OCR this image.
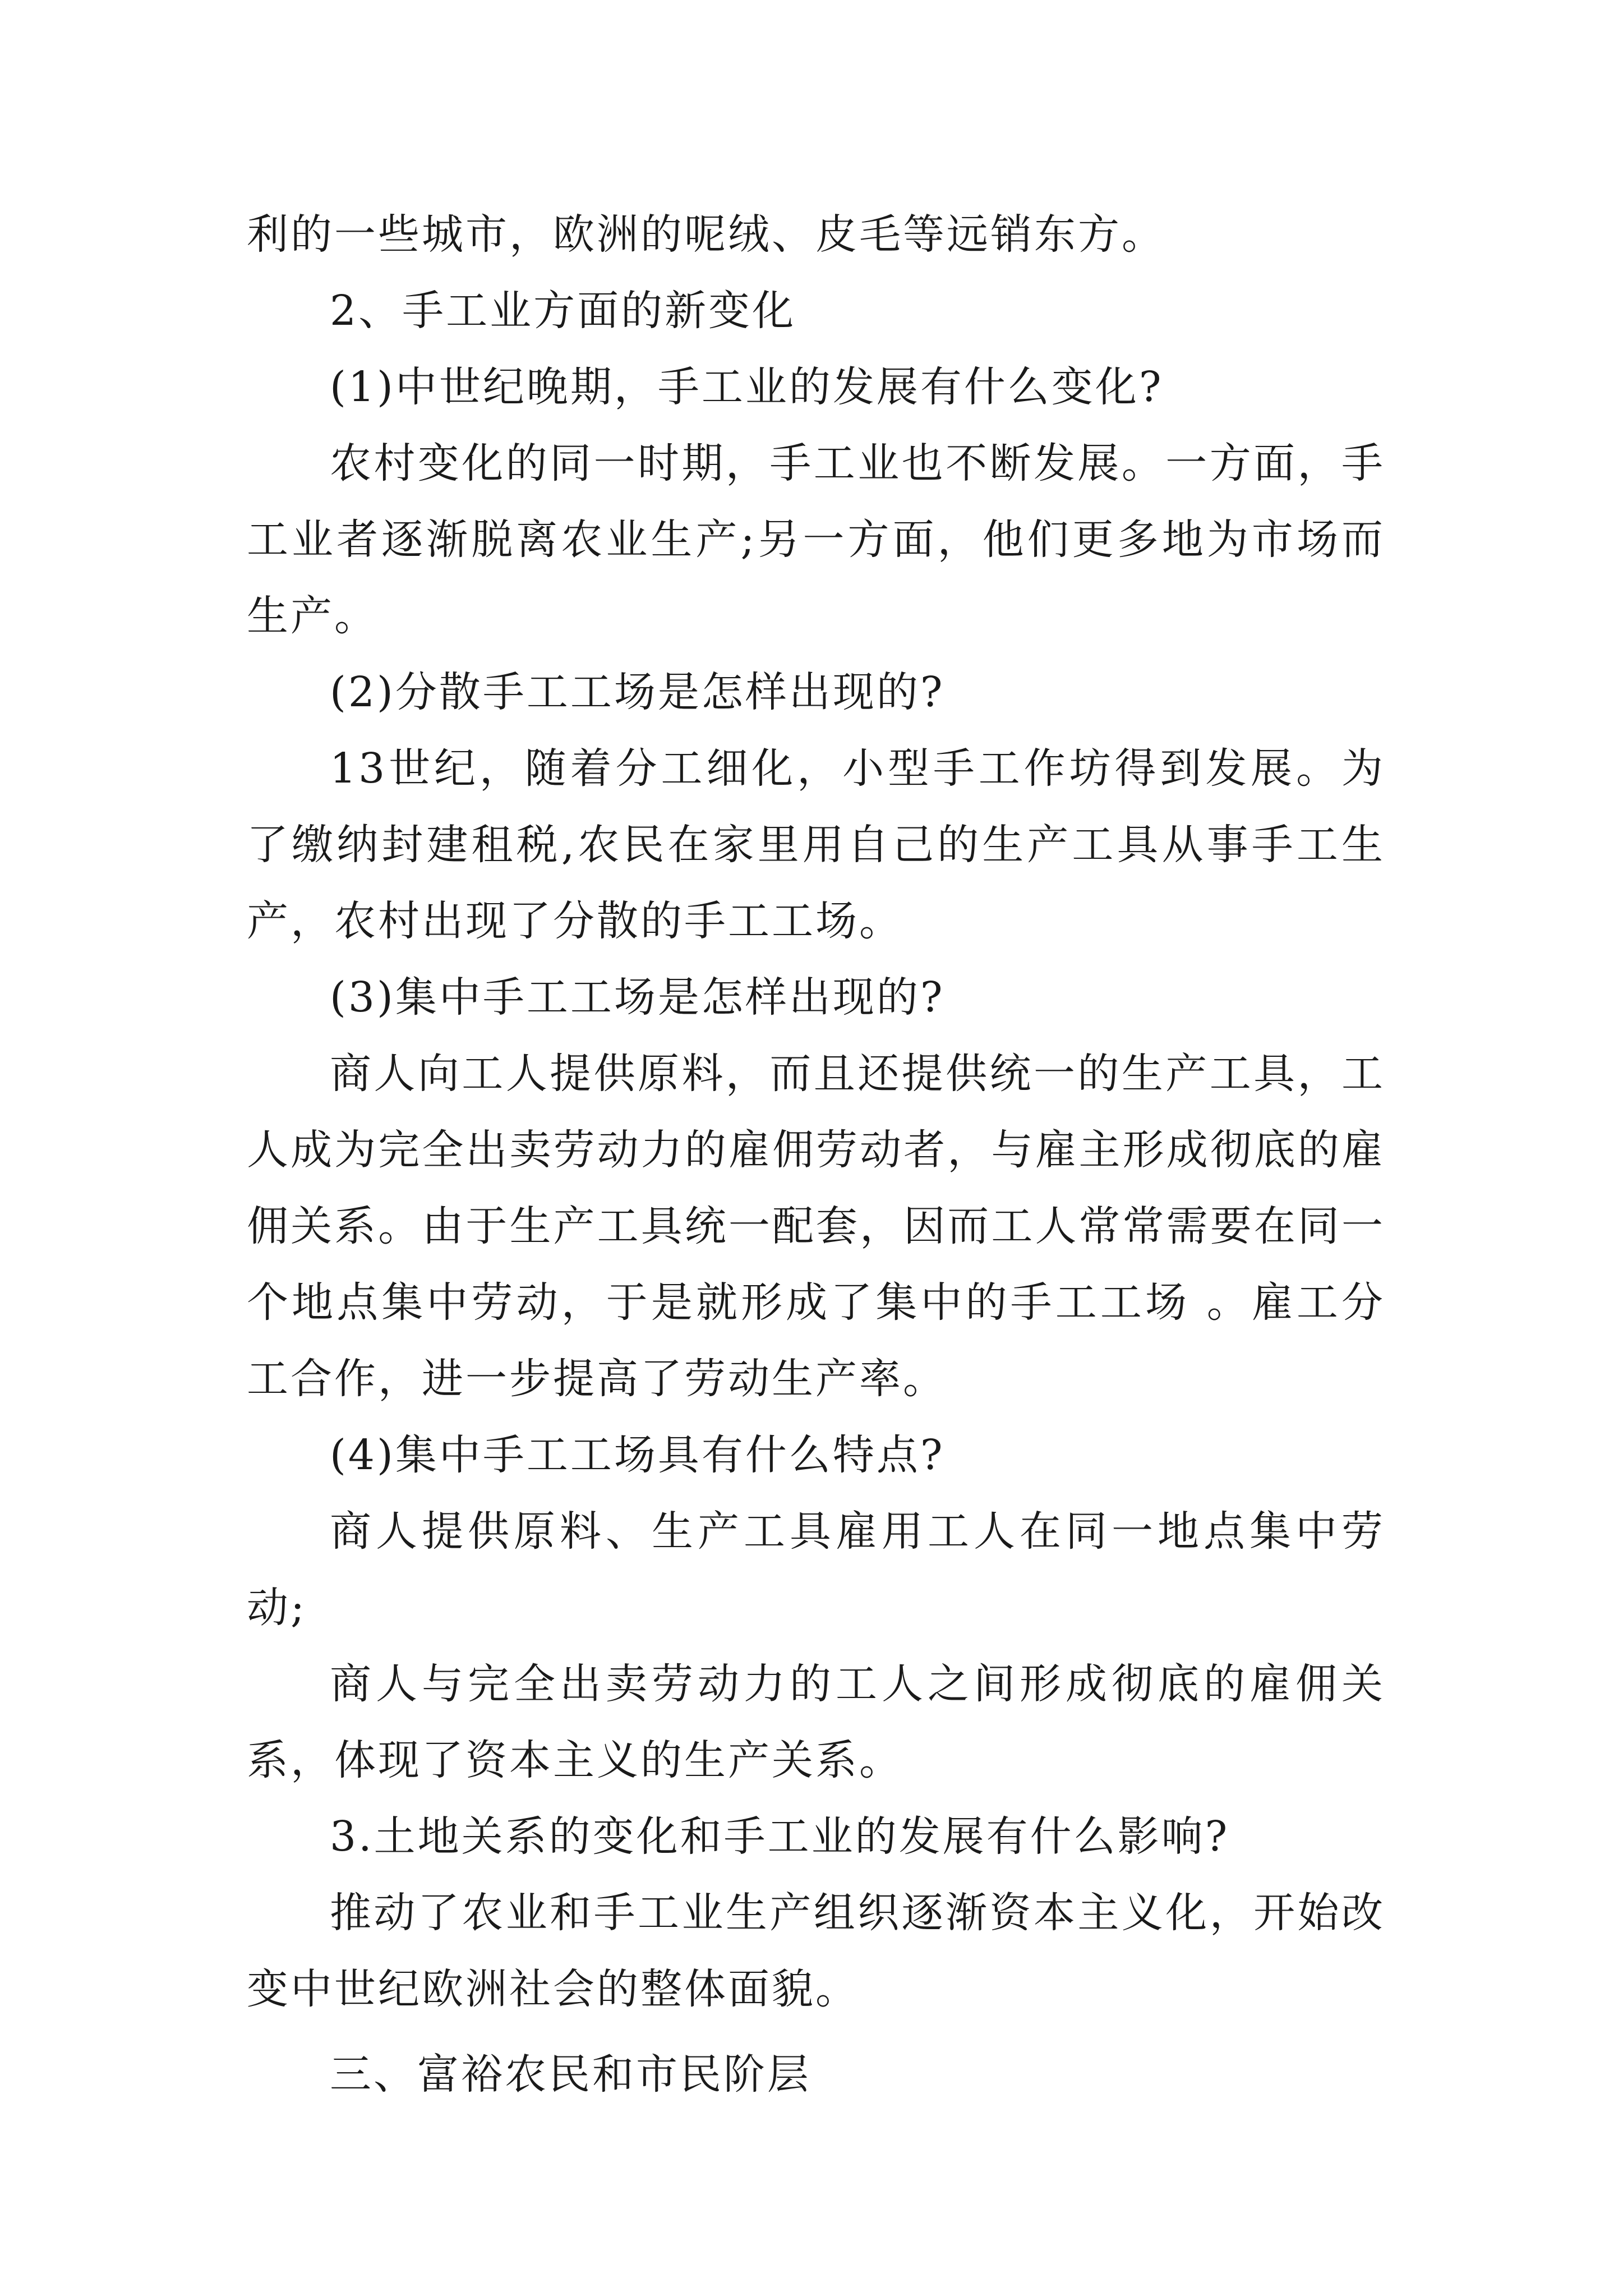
利的一些城市，欧洲的呢绒、皮毛等远销东方。

2、手工业方面的新变化

(1)中世纪晚期，手工业的发展有什么变化?

农村变化的同一时期，手工业也不断发展。一方面，手工业者逐渐脱离农业生产;另一方面，他们更多地为市场而生产。

(2)分散手工工场是怎样出现的?

13世纪，随着分工细化，小型手工作坊得到发展。为了缴纳封建租税,农民在家里用自己的生产工具从事手工生产，农村出现了分散的手工工场。

(3)集中手工工场是怎样出现的?

商人向工人提供原料，而且还提供统一的生产工具，工人成为完全出卖劳动力的雇佣劳动者，与雇主形成彻底的雇佣关系。由于生产工具统一配套，因而工人常常需要在同一个地点集中劳动，于是就形成了集中的手工工场 。雇工分工合作，进一步提高了劳动生产率。

(4)集中手工工场具有什么特点?

商人提供原料、生产工具雇用工人在同一地点集中劳动;

商人与完全出卖劳动力的工人之间形成彻底的雇佣关系，体现了资本主义的生产关系。

3.土地关系的变化和手工业的发展有什么影响?

推动了农业和手工业生产组织逐渐资本主义化，开始改变中世纪欧洲社会的整体面貌。

三、富裕农民和市民阶层
